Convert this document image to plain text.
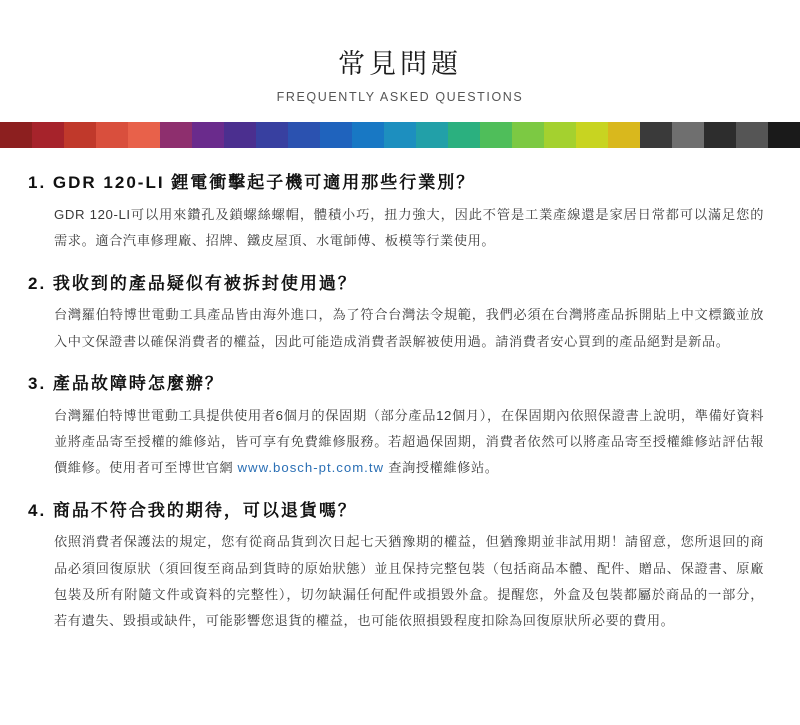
常見問題
FREQUENTLY ASKED QUESTIONS
1. GDR 120-LI 鋰電衝擊起子機可適用那些行業別？

GDR 120-LI可以用來鑽孔及鎖螺絲螺帽，體積小巧，扭力強大，因此不管是工業產線還是家居日常都可以滿足您的需求。適合汽車修理廠、招牌、鐵皮屋頂、水電師傅、板模等行業使用。

2. 我收到的產品疑似有被拆封使用過？

台灣羅伯特博世電動工具產品皆由海外進口，為了符合台灣法令規範，我們必須在台灣將產品拆開貼上中文標籤並放入中文保證書以確保消費者的權益，因此可能造成消費者誤解被使用過。請消費者安心買到的產品絕對是新品。

3. 產品故障時怎麼辦？

台灣羅伯特博世電動工具提供使用者6個月的保固期（部分產品12個月），在保固期內依照保證書上說明，準備好資料並將產品寄至授權的維修站，皆可享有免費維修服務。若超過保固期，消費者依然可以將產品寄至授權維修站評估報價維修。使用者可至博世官網 www.bosch-pt.com.tw 查詢授權維修站。

4. 商品不符合我的期待，可以退貨嗎？

依照消費者保護法的規定，您有從商品貨到次日起七天猶豫期的權益，但猶豫期並非試用期！請留意，您所退回的商品必須回復原狀（須回復至商品到貨時的原始狀態）並且保持完整包裝（包括商品本體、配件、贈品、保證書、原廠包裝及所有附隨文件或資料的完整性），切勿缺漏任何配件或損毀外盒。提醒您，外盒及包裝都屬於商品的一部分，若有遺失、毀損或缺件，可能影響您退貨的權益，也可能依照損毀程度扣除為回復原狀所必要的費用。
